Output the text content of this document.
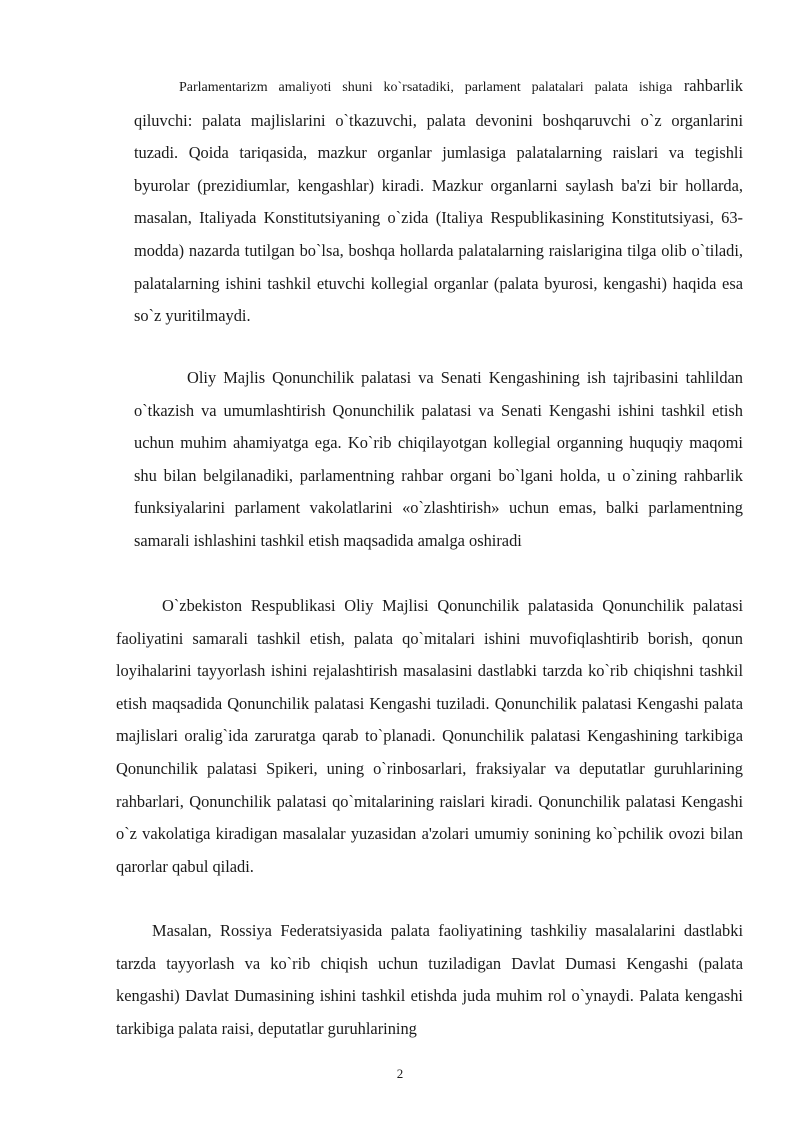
Parlamentarizm amaliyoti shuni ko`rsatadiki, parlament palatalari palata ishiga rahbarlik qiluvchi: palata majlislarini o`tkazuvchi, palata devonini boshqaruvchi o`z organlarini tuzadi. Qoida tariqasida, mazkur organlar jumlasiga palatalarning raislari va tegishli byurolar (prezidiumlar, kengashlar) kiradi. Mazkur organlarni saylash ba'zi bir hollarda, masalan, Italiyada Konstitutsiyaning o`zida (Italiya Respublikasining Konstitutsiyasi, 63-modda) nazarda tutilgan bo`lsa, boshqa hollarda palatalarning raislarigina tilga olib o`tiladi, palatalarning ishini tashkil etuvchi kollegial organlar (palata byurosi, kengashi) haqida esa so`z yuritilmaydi.

Oliy Majlis Qonunchilik palatasi va Senati Kengashining ish tajribasini tahlildan o`tkazish va umumlashtirish Qonunchilik palatasi va Senati Kengashi ishini tashkil etish uchun muhim ahamiyatga ega. Ko`rib chiqilayotgan kollegial organning huquqiy maqomi shu bilan belgilanadiki, parlamentning rahbar organi bo`lgani holda, u o`zining rahbarlik funksiyalarini parlament vakolatlarini «o`zlashtirish» uchun emas, balki parlamentning samarali ishlashini tashkil etish maqsadida amalga oshiradi

O`zbekiston Respublikasi Oliy Majlisi Qonunchilik palatasida Qonunchilik palatasi faoliyatini samarali tashkil etish, palata qo`mitalari ishini muvofiqlashtirib borish, qonun loyihalarini tayyorlash ishini rejalashtirish masalasini dastlabki tarzda ko`rib chiqishni tashkil etish maqsadida Qonunchilik palatasi Kengashi tuziladi. Qonunchilik palatasi Kengashi palata majlislari oralig`ida zaruratga qarab to`planadi. Qonunchilik palatasi Kengashining tarkibiga Qonunchilik palatasi Spikeri, uning o`rinbosarlari, fraksiyalar va deputatlar guruhlarining rahbarlari, Qonunchilik palatasi qo`mitalarining raislari kiradi. Qonunchilik palatasi Kengashi o`z vakolatiga kiradigan masalalar yuzasidan a'zolari umumiy sonining ko`pchilik ovozi bilan qarorlar qabul qiladi.

Masalan, Rossiya Federatsiyasida palata faoliyatining tashkiliy masalalarini dastlabki tarzda tayyorlash va ko`rib chiqish uchun tuziladigan Davlat Dumasi Kengashi (palata kengashi) Davlat Dumasining ishini tashkil etishda juda muhim rol o`ynaydi. Palata kengashi tarkibiga palata raisi, deputatlar guruhlarining

2
